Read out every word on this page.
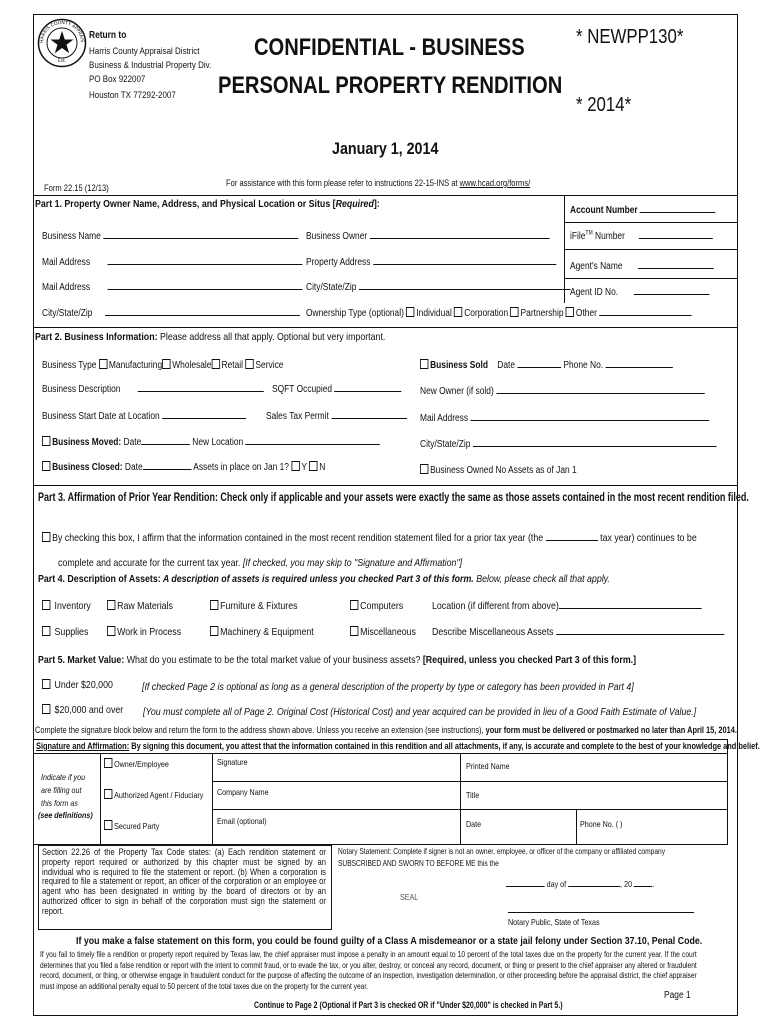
HARRIS COUNTY APPRAIS
Est.
Return to
Harris County Appraisal District
Business & Industrial Property Div.
PO Box 922007
Houston TX 77292-2007
CONFIDENTIAL - BUSINESS
PERSONAL PROPERTY RENDITION
* NEWPP130*
* 2014*
January 1, 2014
Form 22.15 (12/13)	For assistance with this form please refer to instructions 22-15-INS at www.hcad.org/forms/
Part 1. Property Owner Name, Address, and Physical Location or Situs [Required]:
Business Name	Business Owner
Mail Address	Property Address
Mail Address	City/State/Zip
City/State/Zip	Ownership Type (optional) Individual Corporation Partnership Other
Account Number
iFile™ Number
Agent's Name
Agent ID No.
Part 2. Business Information: Please address all that apply. Optional but very important.
Business Type Manufacturing Wholesale Retail Service	Business Sold Date	Phone No.
Business Description	SQFT Occupied	New Owner (if sold)
Business Start Date at Location	Sales Tax Permit	Mail Address
Business Moved: Date	New Location	City/State/Zip
Business Closed: Date	Assets in place on Jan 1? Y N	Business Owned No Assets as of Jan 1
Part 3. Affirmation of Prior Year Rendition: Check only if applicable and your assets were exactly the same as those assets contained in the most recent rendition filed.
By checking this box, I affirm that the information contained in the most recent rendition statement filed for a prior tax year (the	tax year) continues to be
complete and accurate for the current tax year. [If checked, you may skip to "Signature and Affirmation"]
Part 4. Description of Assets: A description of assets is required unless you checked Part 3 of this form. Below, please check all that apply.
Inventory	Raw Materials	Furniture & Fixtures	Computers	Location (if different from above)
Supplies	Work in Process	Machinery & Equipment	Miscellaneous Describe Miscellaneous Assets
Part 5. Market Value: What do you estimate to be the total market value of your business assets? [Required, unless you checked Part 3 of this form.]
Under $20,000	[If checked Page 2 is optional as long as a general description of the property by type or category has been provided in Part 4]
$20,000 and over [You must complete all of Page 2. Original Cost (Historical Cost) and year acquired can be provided in lieu of a Good Faith Estimate of Value.]
Complete the signature block below and return the form to the address shown above. Unless you receive an extension (see instructions), your form must be delivered or postmarked no later than April 15, 2014.
Signature and Affirmation: By signing this document, you attest that the information contained in this rendition and all attachments, if any, is accurate and complete to the best of your knowledge and belief.
Indicate if you
are filling out
this form as
(see definitions)
Owner/Employee
Authorized Agent / Fiduciary
Secured Party
Signature	Printed Name
Company Name	Title
Email (optional)	Date	Phone No. ( )
Section 22.26 of the Property Tax Code states: (a) Each rendition statement or property report required or authorized by this chapter must be signed by an individual who is required to file the statement or report. (b) When a corporation is required to file a statement or report, an officer of the corporation or an employee or agent who has been designated in writing by the board of directors or by an authorized officer to sign in behalf of the corporation must sign the statement or report.
Notary Statement: Complete if signer is not an owner, employee, or officer of the company or affiliated company
SUBSCRIBED AND SWORN TO BEFORE ME this the
day of	, 20 .
SEAL
Notary Public, State of Texas
If you make a false statement on this form, you could be found guilty of a Class A misdemeanor or a state jail felony under Section 37.10, Penal Code.
If you fail to timely file a rendition or property report required by Texas law, the chief appraiser must impose a penalty in an amount equal to 10 percent of the total taxes due on the property for the current year. If the court determines that you filed a false rendition or report with the intent to commit fraud, or to evade the tax, or you alter, destroy, or conceal any record, document, or thing or present to the chief appraiser any altered or fraudulent record, document, or thing, or otherwise engage in fraudulent conduct for the purpose of affecting the outcome of an inspection, investigation determination, or other proceeding before the appraisal district, the chief appraiser must impose an additional penalty equal to 50 percent of the total taxes due on the property for the current year.
Continue to Page 2 (Optional if Part 3 is checked OR if "Under $20,000" is checked in Part 5.)
Page 1
